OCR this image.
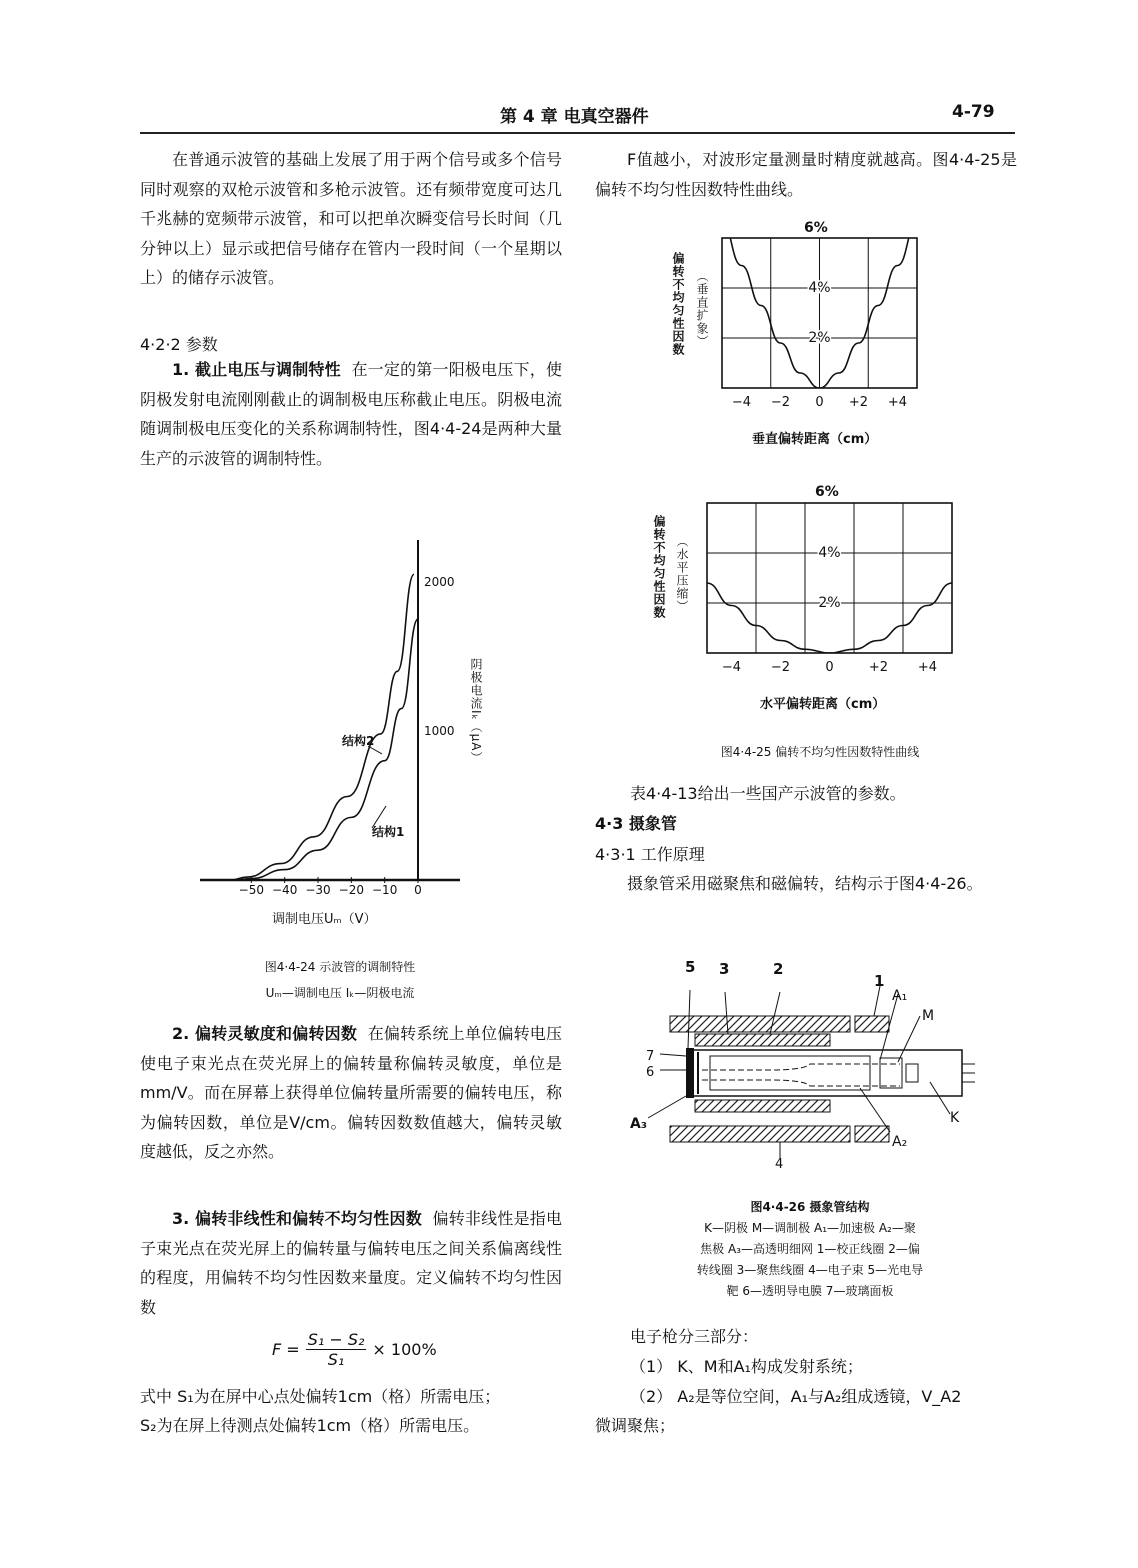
第 4 章 电真空器件	4-79
在普通示波管的基础上发展了用于两个信号或多个信号同时观察的双枪示波管和多枪示波管。还有频带宽度可达几千兆赫的宽频带示波管，和可以把单次瞬变信号长时间（几分钟以上）显示或把信号储存在管内一段时间（一个星期以上）的储存示波管。
4·2·2 参数
1. 截止电压与调制特性 在一定的第一阳极电压下，使阴极发射电流刚刚截止的调制极电压称截止电压。阴极电流随调制极电压变化的关系称调制特性，图4·4-24是两种大量生产的示波管的调制特性。
−50 −40 −30 −20 −10 0
1000
2000
结构2
结构1
阴极电流Iₖ（μA）
调制电压Uₘ（V）
图4·4-24 示波管的调制特性
Uₘ—调制电压 Iₖ—阴极电流
2. 偏转灵敏度和偏转因数 在偏转系统上单位偏转电压使电子束光点在荧光屏上的偏转量称偏转灵敏度，单位是mm/V。而在屏幕上获得单位偏转量所需要的偏转电压，称为偏转因数，单位是V/cm。偏转因数数值越大，偏转灵敏度越低，反之亦然。
3. 偏转非线性和偏转不均匀性因数 偏转非线性是指电子束光点在荧光屏上的偏转量与偏转电压之间关系偏离线性的程度，用偏转不均匀性因数来量度。定义偏转不均匀性因数
$F = \frac{\text{S₁ − S₂}}{\text{S₁}} \times 100\%$
式中 S₁为在屏中心点处偏转1cm（格）所需电压；
S₂为在屏上待测点处偏转1cm（格）所需电压。
F值越小，对波形定量测量时精度就越高。图4·4-25是偏转不均匀性因数特性曲线。
6%
2%
4%
−4 −2 0 +2 +4
偏转不均匀性因数 （垂直扩象）
垂直偏转距离（cm）
6%
2%
4%
−4 −2	0	+2 +4
偏转不均匀性因数 （水平压缩）
水平偏转距离（cm）
图4·4-25 偏转不均匀性因数特性曲线
表4·4-13给出一些国产示波管的参数。
4·3 摄象管
4·3·1 工作原理
摄象管采用磁聚焦和磁偏转，结构示于图4·4-26。
5 3	2
1
A₁
M
K
A₂
A₃
7
6
4
图4·4-26 摄象管结构
K—阴极 M—调制极 A₁—加速极 A₂—聚
焦极 A₃—高透明细网 1—校正线圈 2—偏
转线圈 3—聚焦线圈 4—电子束 5—光电导
靶 6—透明导电膜 7—玻璃面板
电子枪分三部分：
（1） K、M和A₁构成发射系统；
（2） A₂是等位空间，A₁与A₂组成透镜，V_A2
微调聚焦；
